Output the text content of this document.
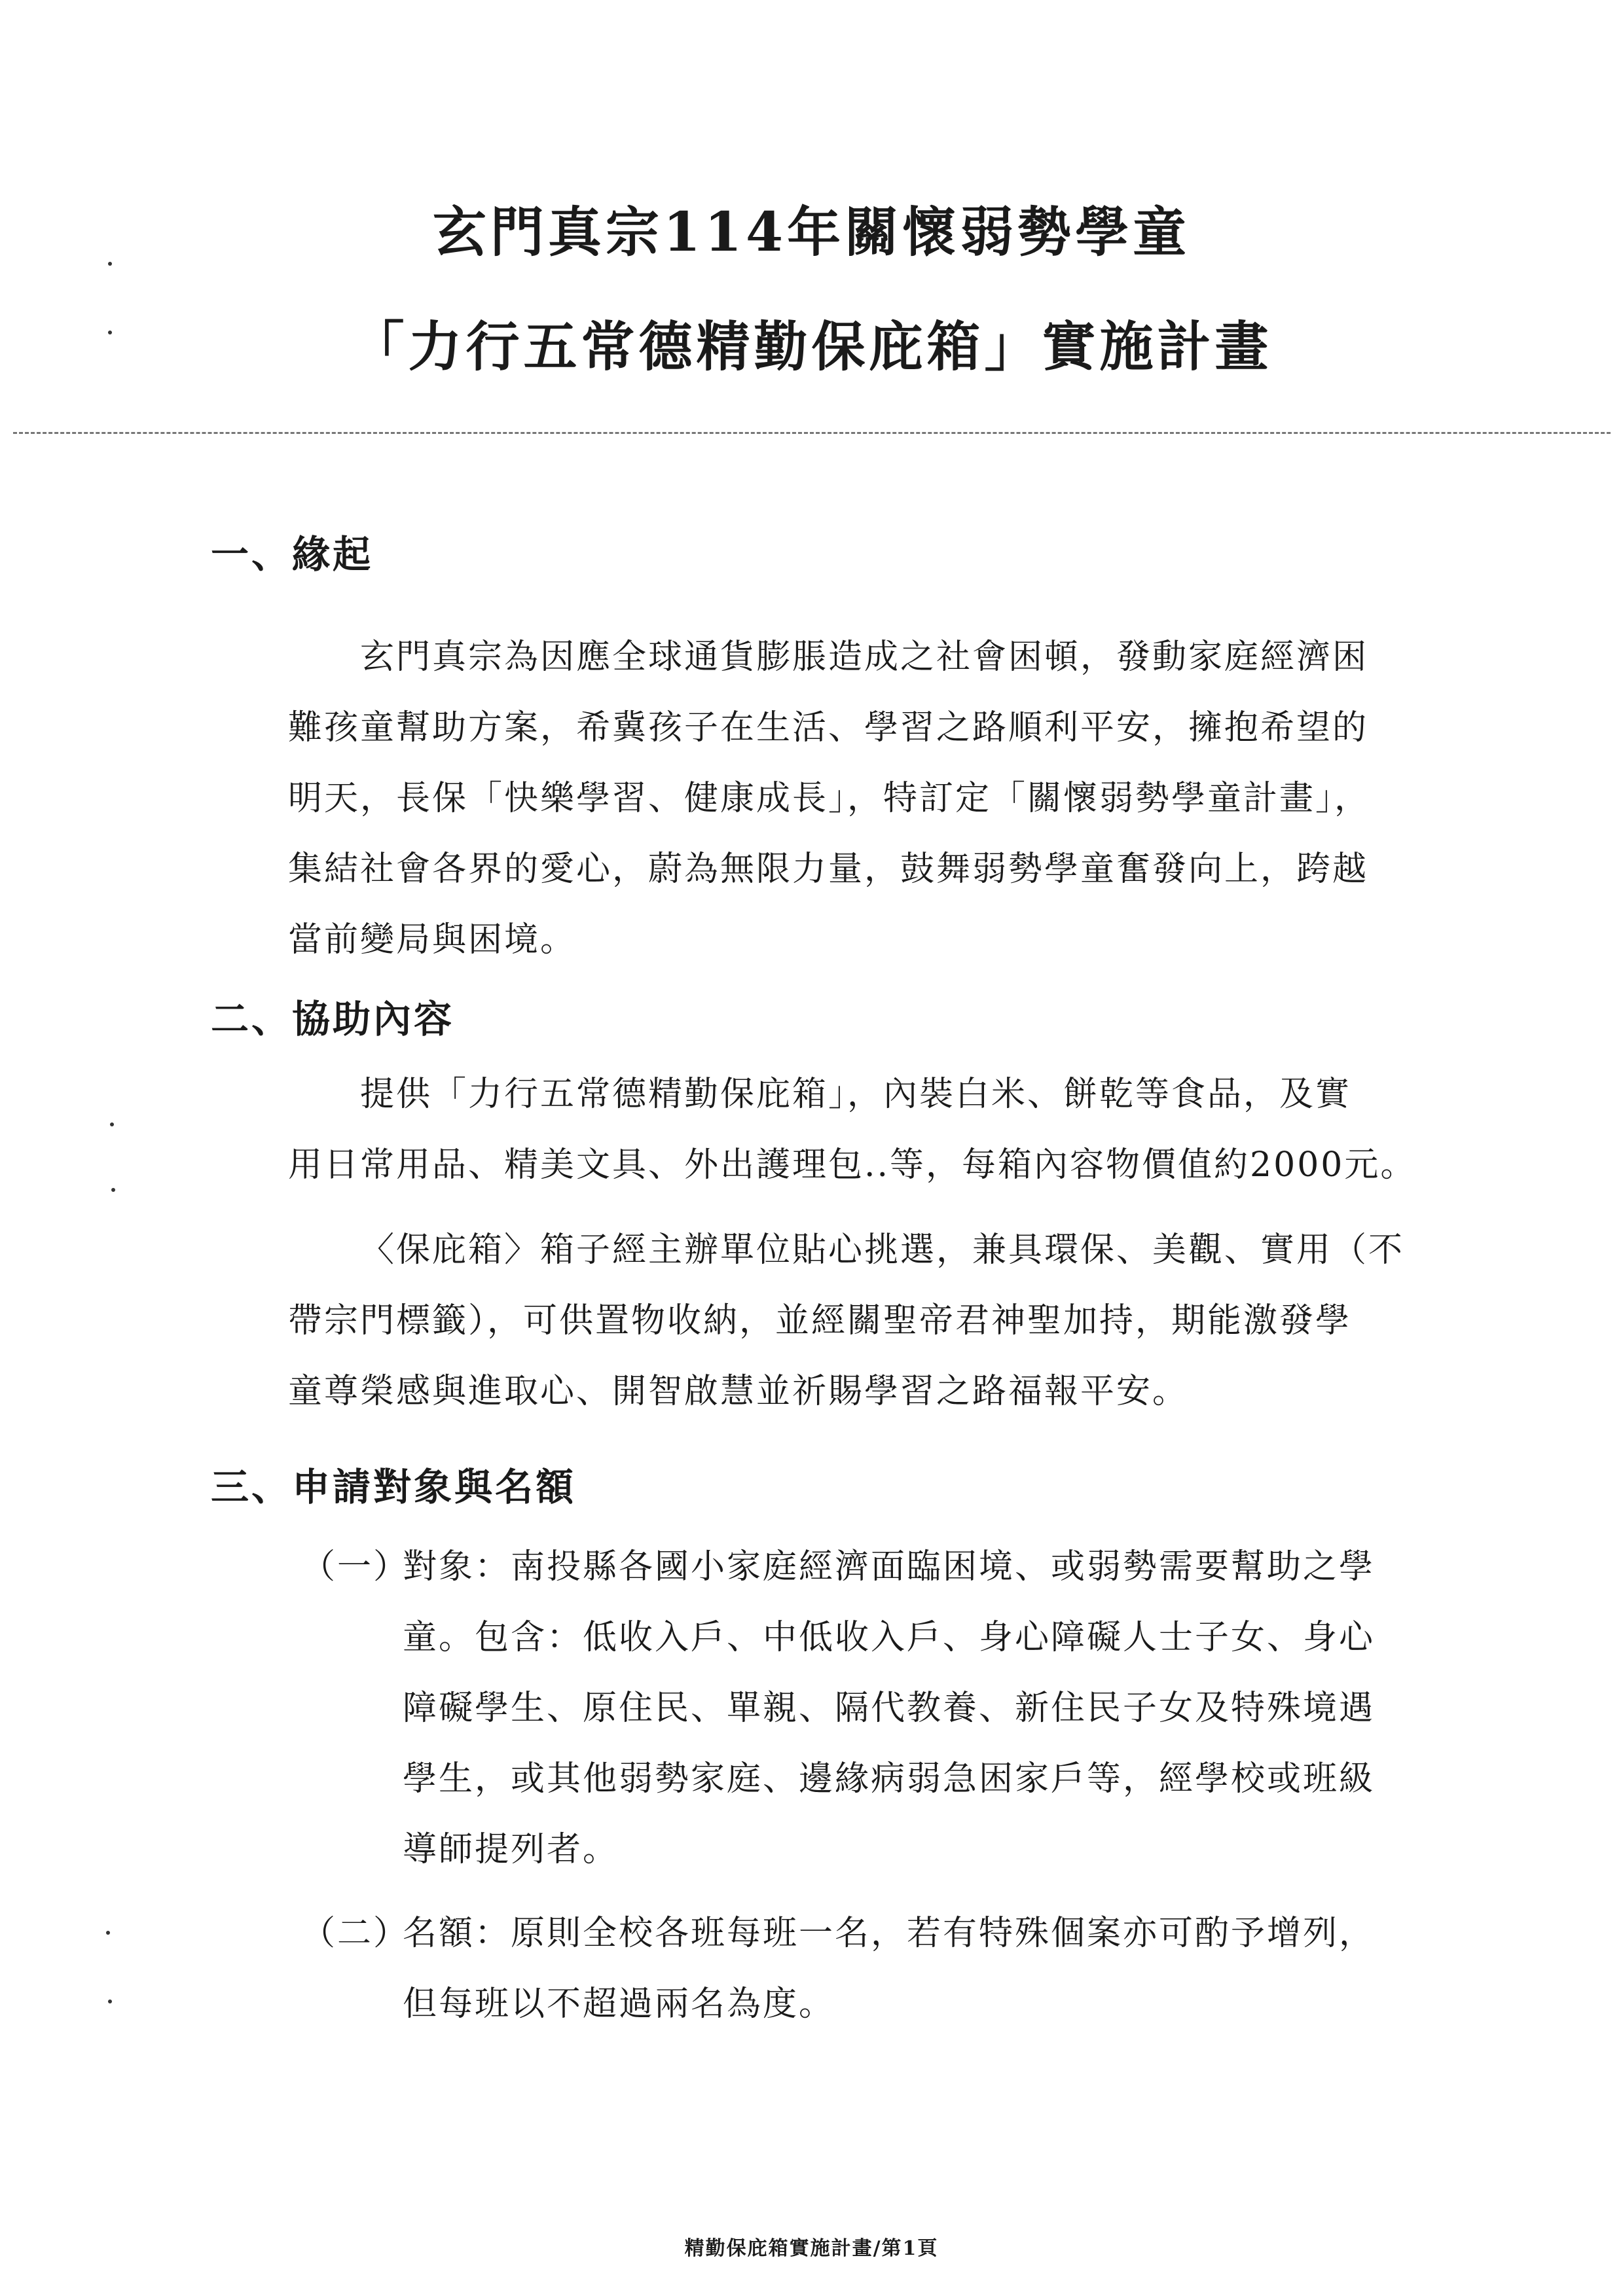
玄門真宗114年關懷弱勢學童
「力行五常德精勤保庇箱」實施計畫
一、緣起
玄門真宗為因應全球通貨膨脹造成之社會困頓，發動家庭經濟困
難孩童幫助方案，希冀孩子在生活、學習之路順利平安，擁抱希望的
明天，長保「快樂學習、健康成長」，特訂定「關懷弱勢學童計畫」，
集結社會各界的愛心，蔚為無限力量，鼓舞弱勢學童奮發向上，跨越
當前變局與困境。
二、協助內容
提供「力行五常德精勤保庇箱」，內裝白米、餅乾等食品，及實
用日常用品、精美文具、外出護理包..等，每箱內容物價值約2000元。
〈保庇箱〉箱子經主辦單位貼心挑選，兼具環保、美觀、實用（不
帶宗門標籤），可供置物收納，並經關聖帝君神聖加持，期能激發學
童尊榮感與進取心、開智啟慧並祈賜學習之路福報平安。
三、申請對象與名額
（一）
對象：南投縣各國小家庭經濟面臨困境、或弱勢需要幫助之學
童。包含：低收入戶、中低收入戶、身心障礙人士子女、身心
障礙學生、原住民、單親、隔代教養、新住民子女及特殊境遇
學生，或其他弱勢家庭、邊緣病弱急困家戶等，經學校或班級
導師提列者。
（二）
名額：原則全校各班每班一名，若有特殊個案亦可酌予增列，
但每班以不超過兩名為度。
精勤保庇箱實施計畫/第1頁
